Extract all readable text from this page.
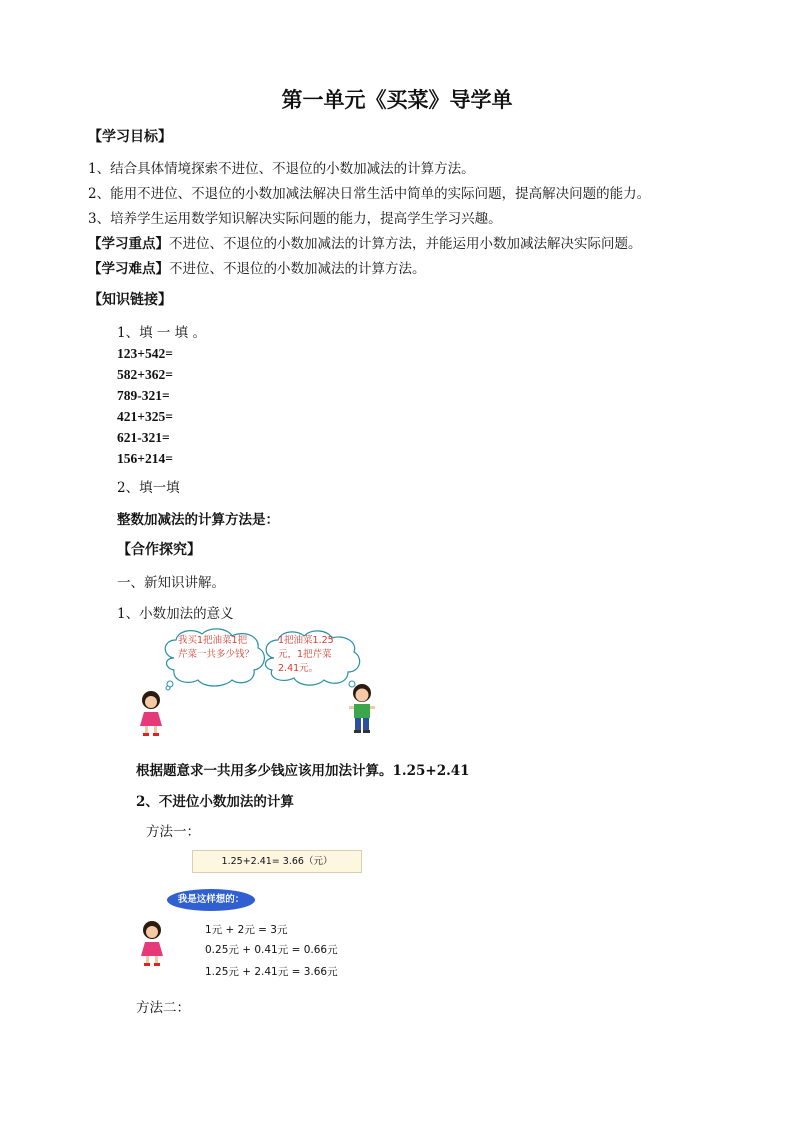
第一单元《买菜》导学单
【学习目标】
1、结合具体情境探索不进位、不退位的小数加减法的计算方法。
2、能用不进位、不退位的小数加减法解决日常生活中简单的实际问题，提高解决问题的能力。
3、培养学生运用数学知识解决实际问题的能力，提高学生学习兴趣。
【学习重点】不进位、不退位的小数加减法的计算方法，并能运用小数加减法解决实际问题。
【学习难点】不进位、不退位的小数加减法的计算方法。
【知识链接】
1、填 一 填 。
123+542=
582+362=
789-321=
421+325=
621-321=
156+214=
2、填一填
整数加减法的计算方法是：
【合作探究】
一、新知识讲解。
1、小数加法的意义
我买1把油菜1把芹菜一共多少钱？
1把油菜1.25元，1把芹菜2.41元。
根据题意求一共用多少钱应该用加法计算。1.25+2.41
2、不进位小数加法的计算
方法一：
1.25+2.41= 3.66（元）
我是这样想的：
1元 + 2元 = 3元
0.25元 + 0.41元 = 0.66元
1.25元 + 2.41元 = 3.66元
方法二：
